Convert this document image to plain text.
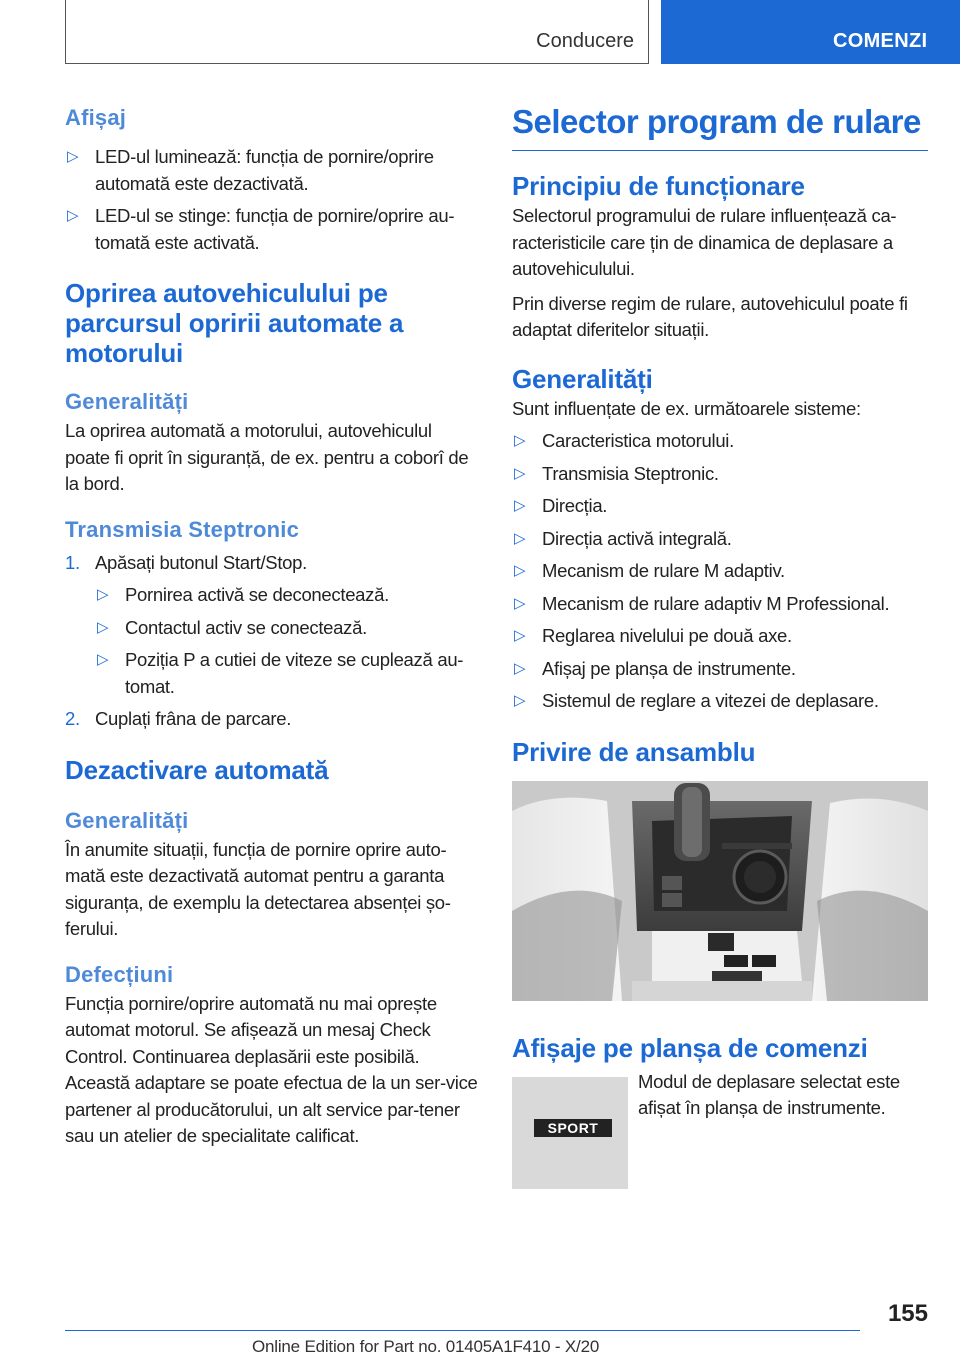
Conducere	COMENZI
Afișaj
▷ LED-ul luminează: funcția de pornire/oprire automată este dezactivată.
▷ LED-ul se stinge: funcția de pornire/oprire au‐tomată este activată.
Oprirea autovehiculului pe parcursul opririi automate a motorului
Generalități
La oprirea automată a motorului, autovehiculul poate fi oprit în siguranță, de ex. pentru a coborî de la bord.
Transmisia Steptronic
1. Apăsați butonul Start/Stop.
▷ Pornirea activă se deconectează.
▷ Contactul activ se conectează.
▷ Poziția P a cutiei de viteze se cuplează au‐tomat.
2. Cuplați frâna de parcare.
Dezactivare automată
Generalități
În anumite situații, funcția de pornire oprire auto‐mată este dezactivată automat pentru a garanta siguranța, de exemplu la detectarea absenței șo‐ferului.
Defecțiuni
Funcția pornire/oprire automată nu mai oprește automat motorul. Se afișează un mesaj Check Control. Continuarea deplasării este posibilă. Această adaptare se poate efectua de la un ser‐vice partener al producătorului, un alt service par‐tener sau un atelier de specialitate calificat.
Selector program de rulare
Principiu de funcționare
Selectorul programului de rulare influențează ca‐racteristicile care țin de dinamica de deplasare a autovehiculului.
Prin diverse regim de rulare, autovehiculul poate fi adaptat diferitelor situații.
Generalități
Sunt influențate de ex. următoarele sisteme:
▷ Caracteristica motorului.
▷ Transmisia Steptronic.
▷ Direcția.
▷ Direcția activă integrală.
▷ Mecanism de rulare M adaptiv.
▷ Mecanism de rulare adaptiv M Professional.
▷ Reglarea nivelului pe două axe.
▷ Afișaj pe planșa de instrumente.
▷ Sistemul de reglare a vitezei de deplasare.
Privire de ansamblu
Afișaje pe planșa de comenzi
SPORT
Modul de deplasare selectat este afișat în planșa de instrumente.
155
Online Edition for Part no. 01405A1F410 - X/20
